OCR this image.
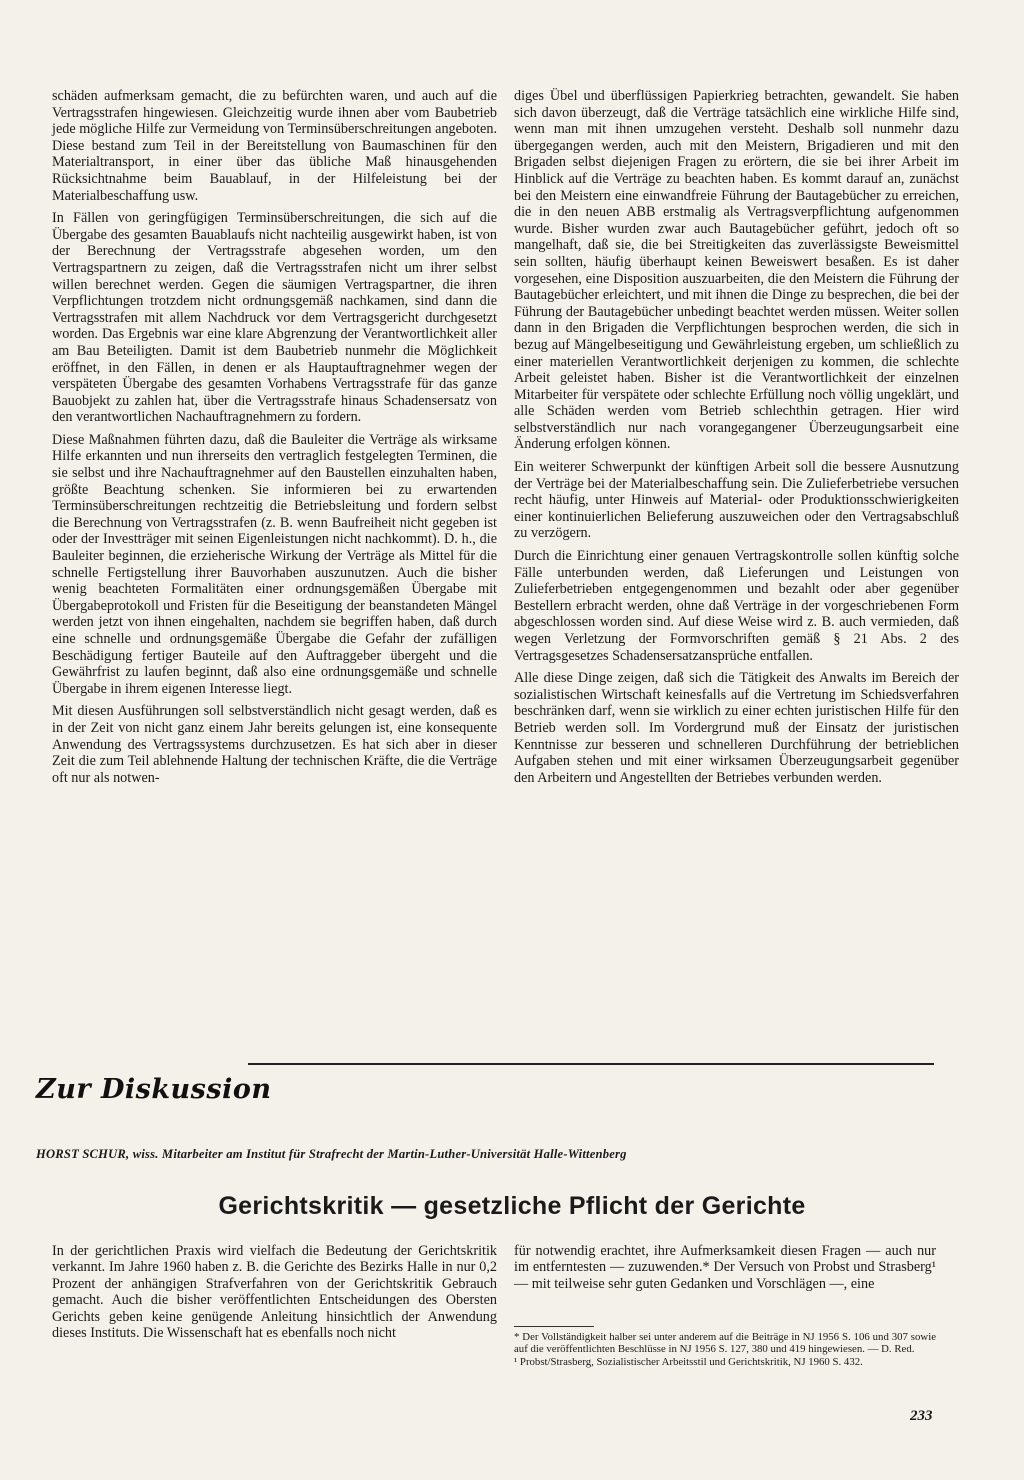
schäden aufmerksam gemacht, die zu befürchten waren, und auch auf die Vertragsstrafen hingewiesen. Gleichzeitig wurde ihnen aber vom Baubetrieb jede mögliche Hilfe zur Vermeidung von Terminsüberschreitungen angeboten. Diese bestand zum Teil in der Bereitstellung von Baumaschinen für den Materialtransport, in einer über das übliche Maß hinausgehenden Rücksichtnahme beim Bauablauf, in der Hilfeleistung bei der Materialbeschaffung usw.

In Fällen von geringfügigen Terminsüberschreitungen, die sich auf die Übergabe des gesamten Bauablaufs nicht nachteilig ausgewirkt haben, ist von der Berechnung der Vertragsstrafe abgesehen worden, um den Vertragspartnern zu zeigen, daß die Vertragsstrafen nicht um ihrer selbst willen berechnet werden. Gegen die säumigen Vertragspartner, die ihren Verpflichtungen trotzdem nicht ordnungsgemäß nachkamen, sind dann die Vertragsstrafen mit allem Nachdruck vor dem Vertragsgericht durchgesetzt worden. Das Ergebnis war eine klare Abgrenzung der Verantwortlichkeit aller am Bau Beteiligten. Damit ist dem Baubetrieb nunmehr die Möglichkeit eröffnet, in den Fällen, in denen er als Hauptauftragnehmer wegen der verspäteten Übergabe des gesamten Vorhabens Vertragsstrafe für das ganze Bauobjekt zu zahlen hat, über die Vertragsstrafe hinaus Schadensersatz von den verantwortlichen Nachauftragnehmern zu fordern.

Diese Maßnahmen führten dazu, daß die Bauleiter die Verträge als wirksame Hilfe erkannten und nun ihrerseits den vertraglich festgelegten Terminen, die sie selbst und ihre Nachauftragnehmer auf den Baustellen einzuhalten haben, größte Beachtung schenken. Sie informieren bei zu erwartenden Terminsüberschreitungen rechtzeitig die Betriebsleitung und fordern selbst die Berechnung von Vertragsstrafen (z. B. wenn Baufreiheit nicht gegeben ist oder der Investträger mit seinen Eigenleistungen nicht nachkommt). D. h., die Bauleiter beginnen, die erzieherische Wirkung der Verträge als Mittel für die schnelle Fertigstellung ihrer Bauvorhaben auszunutzen. Auch die bisher wenig beachteten Formalitäten einer ordnungsgemäßen Übergabe mit Übergabeprotokoll und Fristen für die Beseitigung der beanstandeten Mängel werden jetzt von ihnen eingehalten, nachdem sie begriffen haben, daß durch eine schnelle und ordnungsgemäße Übergabe die Gefahr der zufälligen Beschädigung fertiger Bauteile auf den Auftraggeber übergeht und die Gewährfrist zu laufen beginnt, daß also eine ordnungsgemäße und schnelle Übergabe in ihrem eigenen Interesse liegt.

Mit diesen Ausführungen soll selbstverständlich nicht gesagt werden, daß es in der Zeit von nicht ganz einem Jahr bereits gelungen ist, eine konsequente Anwendung des Vertragssystems durchzusetzen. Es hat sich aber in dieser Zeit die zum Teil ablehnende Haltung der technischen Kräfte, die die Verträge oft nur als notwen-

diges Übel und überflüssigen Papierkrieg betrachten, gewandelt. Sie haben sich davon überzeugt, daß die Verträge tatsächlich eine wirkliche Hilfe sind, wenn man mit ihnen umzugehen versteht. Deshalb soll nunmehr dazu übergegangen werden, auch mit den Meistern, Brigadieren und mit den Brigaden selbst diejenigen Fragen zu erörtern, die sie bei ihrer Arbeit im Hinblick auf die Verträge zu beachten haben. Es kommt darauf an, zunächst bei den Meistern eine einwandfreie Führung der Bautagebücher zu erreichen, die in den neuen ABB erstmalig als Vertragsverpflichtung aufgenommen wurde. Bisher wurden zwar auch Bautagebücher geführt, jedoch oft so mangelhaft, daß sie, die bei Streitigkeiten das zuverlässigste Beweismittel sein sollten, häufig überhaupt keinen Beweiswert besaßen. Es ist daher vorgesehen, eine Disposition auszuarbeiten, die den Meistern die Führung der Bautagebücher erleichtert, und mit ihnen die Dinge zu besprechen, die bei der Führung der Bautagebücher unbedingt beachtet werden müssen. Weiter sollen dann in den Brigaden die Verpflichtungen besprochen werden, die sich in bezug auf Mängelbeseitigung und Gewährleistung ergeben, um schließlich zu einer materiellen Verantwortlichkeit derjenigen zu kommen, die schlechte Arbeit geleistet haben. Bisher ist die Verantwortlichkeit der einzelnen Mitarbeiter für verspätete oder schlechte Erfüllung noch völlig ungeklärt, und alle Schäden werden vom Betrieb schlechthin getragen. Hier wird selbstverständlich nur nach vorangegangener Überzeugungsarbeit eine Änderung erfolgen können.

Ein weiterer Schwerpunkt der künftigen Arbeit soll die bessere Ausnutzung der Verträge bei der Materialbeschaffung sein. Die Zulieferbetriebe versuchen recht häufig, unter Hinweis auf Material- oder Produktionsschwierigkeiten einer kontinuierlichen Belieferung auszuweichen oder den Vertragsabschluß zu verzögern.

Durch die Einrichtung einer genauen Vertragskontrolle sollen künftig solche Fälle unterbunden werden, daß Lieferungen und Leistungen von Zulieferbetrieben entgegengenommen und bezahlt oder aber gegenüber Bestellern erbracht werden, ohne daß Verträge in der vorgeschriebenen Form abgeschlossen worden sind. Auf diese Weise wird z. B. auch vermieden, daß wegen Verletzung der Formvorschriften gemäß § 21 Abs. 2 des Vertragsgesetzes Schadensersatzansprüche entfallen.

Alle diese Dinge zeigen, daß sich die Tätigkeit des Anwalts im Bereich der sozialistischen Wirtschaft keinesfalls auf die Vertretung im Schiedsverfahren beschränken darf, wenn sie wirklich zu einer echten juristischen Hilfe für den Betrieb werden soll. Im Vordergrund muß der Einsatz der juristischen Kenntnisse zur besseren und schnelleren Durchführung der betrieblichen Aufgaben stehen und mit einer wirksamen Überzeugungsarbeit gegenüber den Arbeitern und Angestellten der Betriebes verbunden werden.

Zur Diskussion
HORST SCHUR, wiss. Mitarbeiter am Institut für Strafrecht der Martin-Luther-Universität Halle-Wittenberg
Gerichtskritik — gesetzliche Pflicht der Gerichte

In der gerichtlichen Praxis wird vielfach die Bedeutung der Gerichtskritik verkannt. Im Jahre 1960 haben z. B. die Gerichte des Bezirks Halle in nur 0,2 Prozent der anhängigen Strafverfahren von der Gerichtskritik Gebrauch gemacht. Auch die bisher veröffentlichten Entscheidungen des Obersten Gerichts geben keine genügende Anleitung hinsichtlich der Anwendung dieses Instituts. Die Wissenschaft hat es ebenfalls noch nicht

für notwendig erachtet, ihre Aufmerksamkeit diesen Fragen — auch nur im entferntesten — zuzuwenden.* Der Versuch von Probst und Strasberg¹ — mit teilweise sehr guten Gedanken und Vorschlägen —, eine

* Der Vollständigkeit halber sei unter anderem auf die Beiträge in NJ 1956 S. 106 und 307 sowie auf die veröffentlichten Beschlüsse in NJ 1956 S. 127, 380 und 419 hingewiesen. — D. Red.

¹ Probst/Strasberg, Sozialistischer Arbeitsstil und Gerichtskritik, NJ 1960 S. 432.

233
